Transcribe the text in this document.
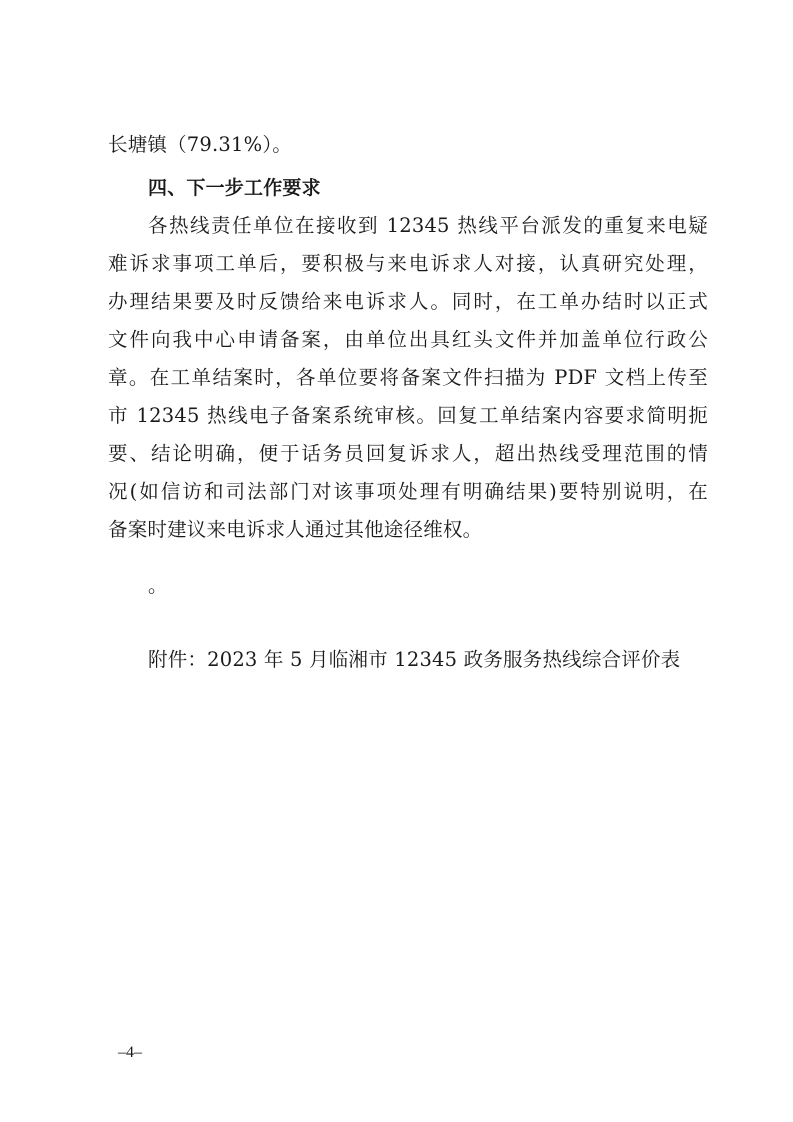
长塘镇（79.31%）。
四、下一步工作要求
各热线责任单位在接收到 12345 热线平台派发的重复来电疑
难诉求事项工单后，要积极与来电诉求人对接，认真研究处理，
办理结果要及时反馈给来电诉求人。同时，在工单办结时以正式
文件向我中心申请备案，由单位出具红头文件并加盖单位行政公
章。在工单结案时，各单位要将备案文件扫描为 PDF 文档上传至
市 12345 热线电子备案系统审核。回复工单结案内容要求简明扼
要、结论明确，便于话务员回复诉求人，超出热线受理范围的情
况(如信访和司法部门对该事项处理有明确结果)要特别说明，在
备案时建议来电诉求人通过其他途径维权。
。
附件：2023 年 5 月临湘市 12345 政务服务热线综合评价表
–4–
